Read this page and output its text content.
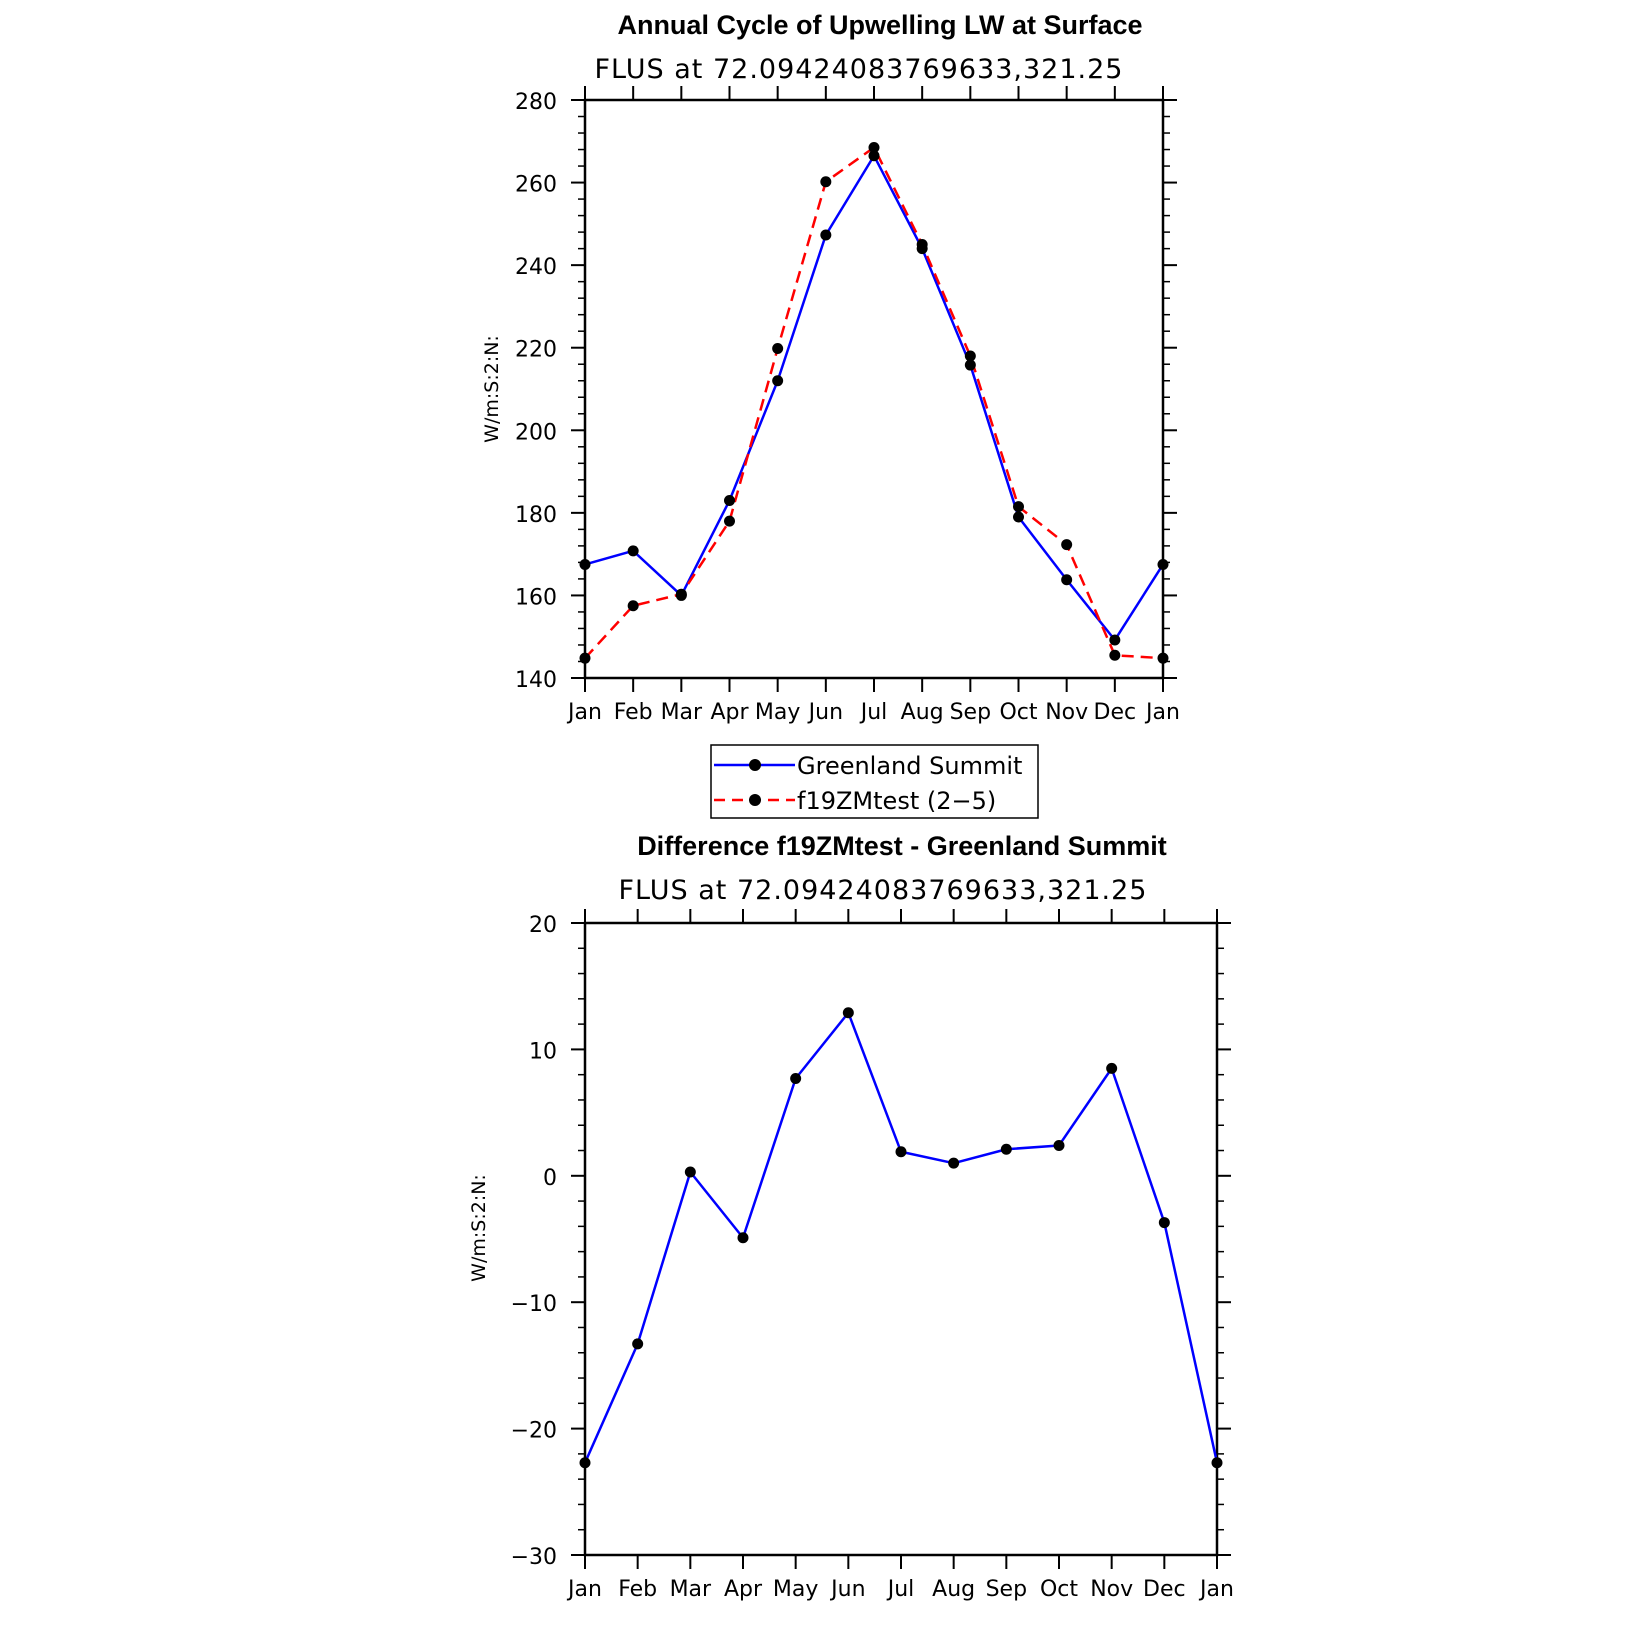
Annual Cycle of Upwelling LW at Surface
FLUS at 72.09424083769633,321.25
W/m:S:2:N:
140
160
180
200
220
240
260
280
Jan Feb Mar Apr May Jun Jul Aug Sep Oct Nov Dec Jan
Greenland Summit
f19ZMtest (2−5)
Difference f19ZMtest - Greenland Summit
FLUS at 72.09424083769633,321.25
W/m:S:2:N:
−30
−20
−10
0
10
20
Jan Feb Mar Apr May Jun Jul Aug Sep Oct Nov Dec Jan
